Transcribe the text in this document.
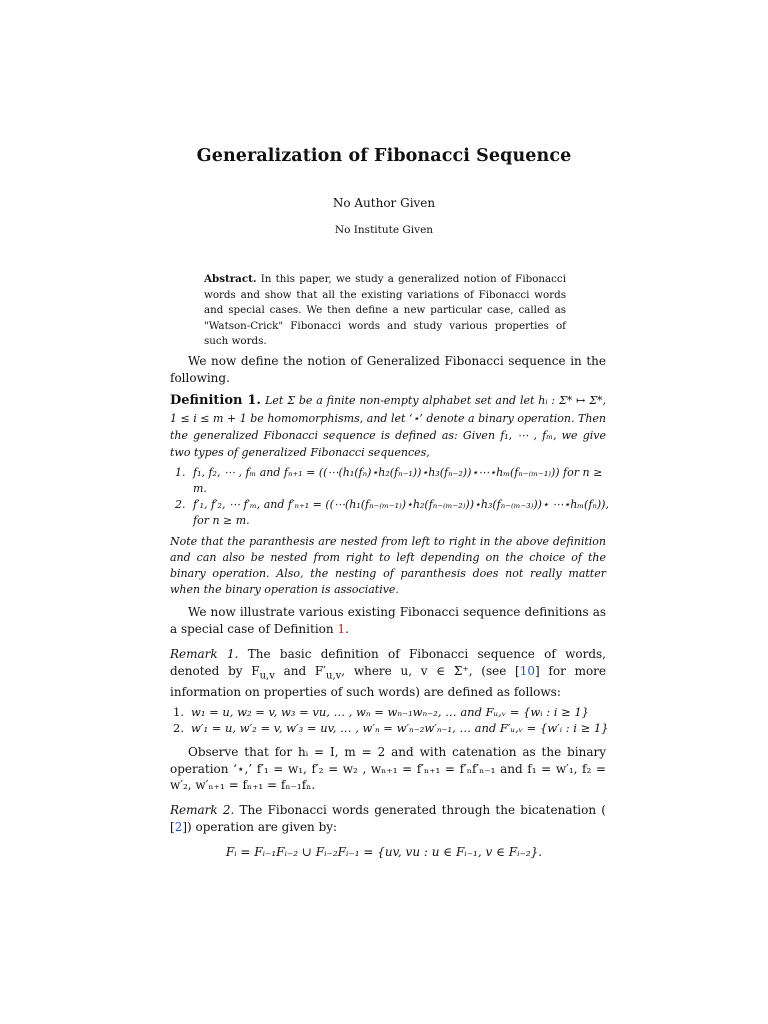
Generalization of Fibonacci Sequence
No Author Given
No Institute Given
Abstract. In this paper, we study a generalized notion of Fibonacci words and show that all the existing variations of Fibonacci words and special cases. We then define a new particular case, called as "Watson-Crick" Fibonacci words and study various properties of such words.
We now define the notion of Generalized Fibonacci sequence in the following.
Definition 1. Let Σ be a finite non-empty alphabet set and let hᵢ : Σ* ↦ Σ*, 1 ≤ i ≤ m + 1 be homomorphisms, and let ‘⋆’ denote a binary operation. Then the generalized Fibonacci sequence is defined as: Given f₁, ⋯ , fₘ, we give two types of generalized Fibonacci sequences,
1. f₁, f₂, ⋯ , fₘ and fₙ₊₁ = ((⋯(h₁(fₙ)⋆h₂(fₙ₋₁))⋆h₃(fₙ₋₂))⋆⋯⋆hₘ(fₙ₋₍ₘ₋₁₎)) for n ≥ m.
2. f′₁, f′₂, ⋯ f′ₘ, and f′ₙ₊₁ = ((⋯(h₁(fₙ₋₍ₘ₋₁₎)⋆h₂(fₙ₋₍ₘ₋₂₎))⋆h₃(fₙ₋₍ₘ₋₃₎))⋆ ⋯⋆hₘ(fₙ)), for n ≥ m.
Note that the paranthesis are nested from left to right in the above definition and can also be nested from right to left depending on the choice of the binary operation. Also, the nesting of paranthesis does not really matter when the binary operation is associative.
We now illustrate various existing Fibonacci sequence definitions as a special case of Definition 1.
Remark 1. The basic definition of Fibonacci sequence of words, denoted by $F_{u,v}$ and $F'_{u,v}$, where u, v ∈ Σ⁺, (see [10] for more information on properties of such words) are defined as follows:
1. w₁ = u, w₂ = v, w₃ = vu, … , wₙ = wₙ₋₁wₙ₋₂, … and Fᵤ,ᵥ = {wᵢ : i ≥ 1}
2. w′₁ = u, w′₂ = v, w′₃ = uv, … , w′ₙ = w′ₙ₋₂w′ₙ₋₁, … and F′ᵤ,ᵥ = {w′ᵢ : i ≥ 1}
Observe that for hᵢ = I, m = 2 and with catenation as the binary operation ‘⋆,’ f′₁ = w₁, f′₂ = w₂ , wₙ₊₁ = f′ₙ₊₁ = f′ₙf′ₙ₋₁ and f₁ = w′₁, f₂ = w′₂, w′ₙ₊₁ = fₙ₊₁ = fₙ₋₁fₙ.
Remark 2. The Fibonacci words generated through the bicatenation ( [2]) operation are given by:
Fᵢ = Fᵢ₋₁Fᵢ₋₂ ∪ Fᵢ₋₂Fᵢ₋₁ = {uv, vu : u ∈ Fᵢ₋₁, v ∈ Fᵢ₋₂}.
